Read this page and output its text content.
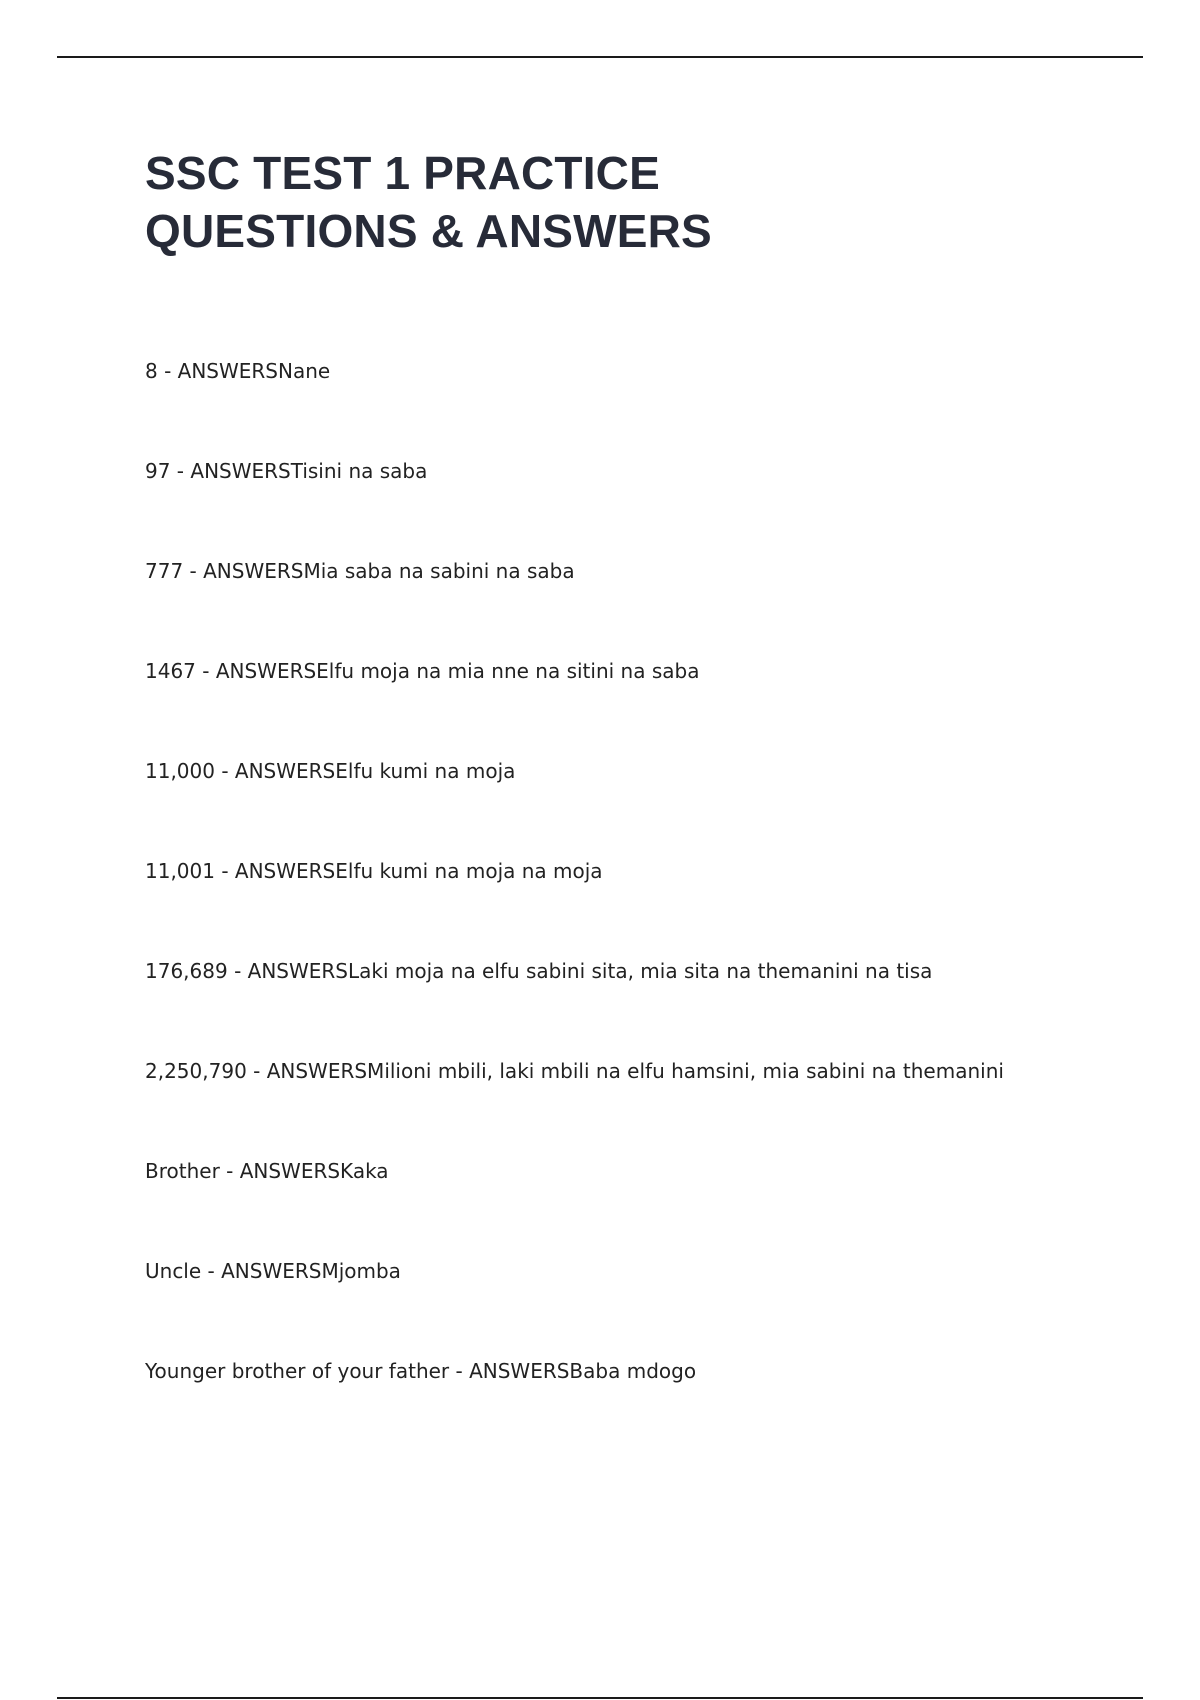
SSC TEST 1 PRACTICE
QUESTIONS & ANSWERS
8 - ANSWERSNane
97 - ANSWERSTisini na saba
777 - ANSWERSMia saba na sabini na saba
1467 - ANSWERSElfu moja na mia nne na sitini na saba
11,000 - ANSWERSElfu kumi na moja
11,001 - ANSWERSElfu kumi na moja na moja
176,689 - ANSWERSLaki moja na elfu sabini sita, mia sita na themanini na tisa
2,250,790 - ANSWERSMilioni mbili, laki mbili na elfu hamsini, mia sabini na themanini
Brother - ANSWERSKaka
Uncle - ANSWERSMjomba
Younger brother of your father - ANSWERSBaba mdogo
